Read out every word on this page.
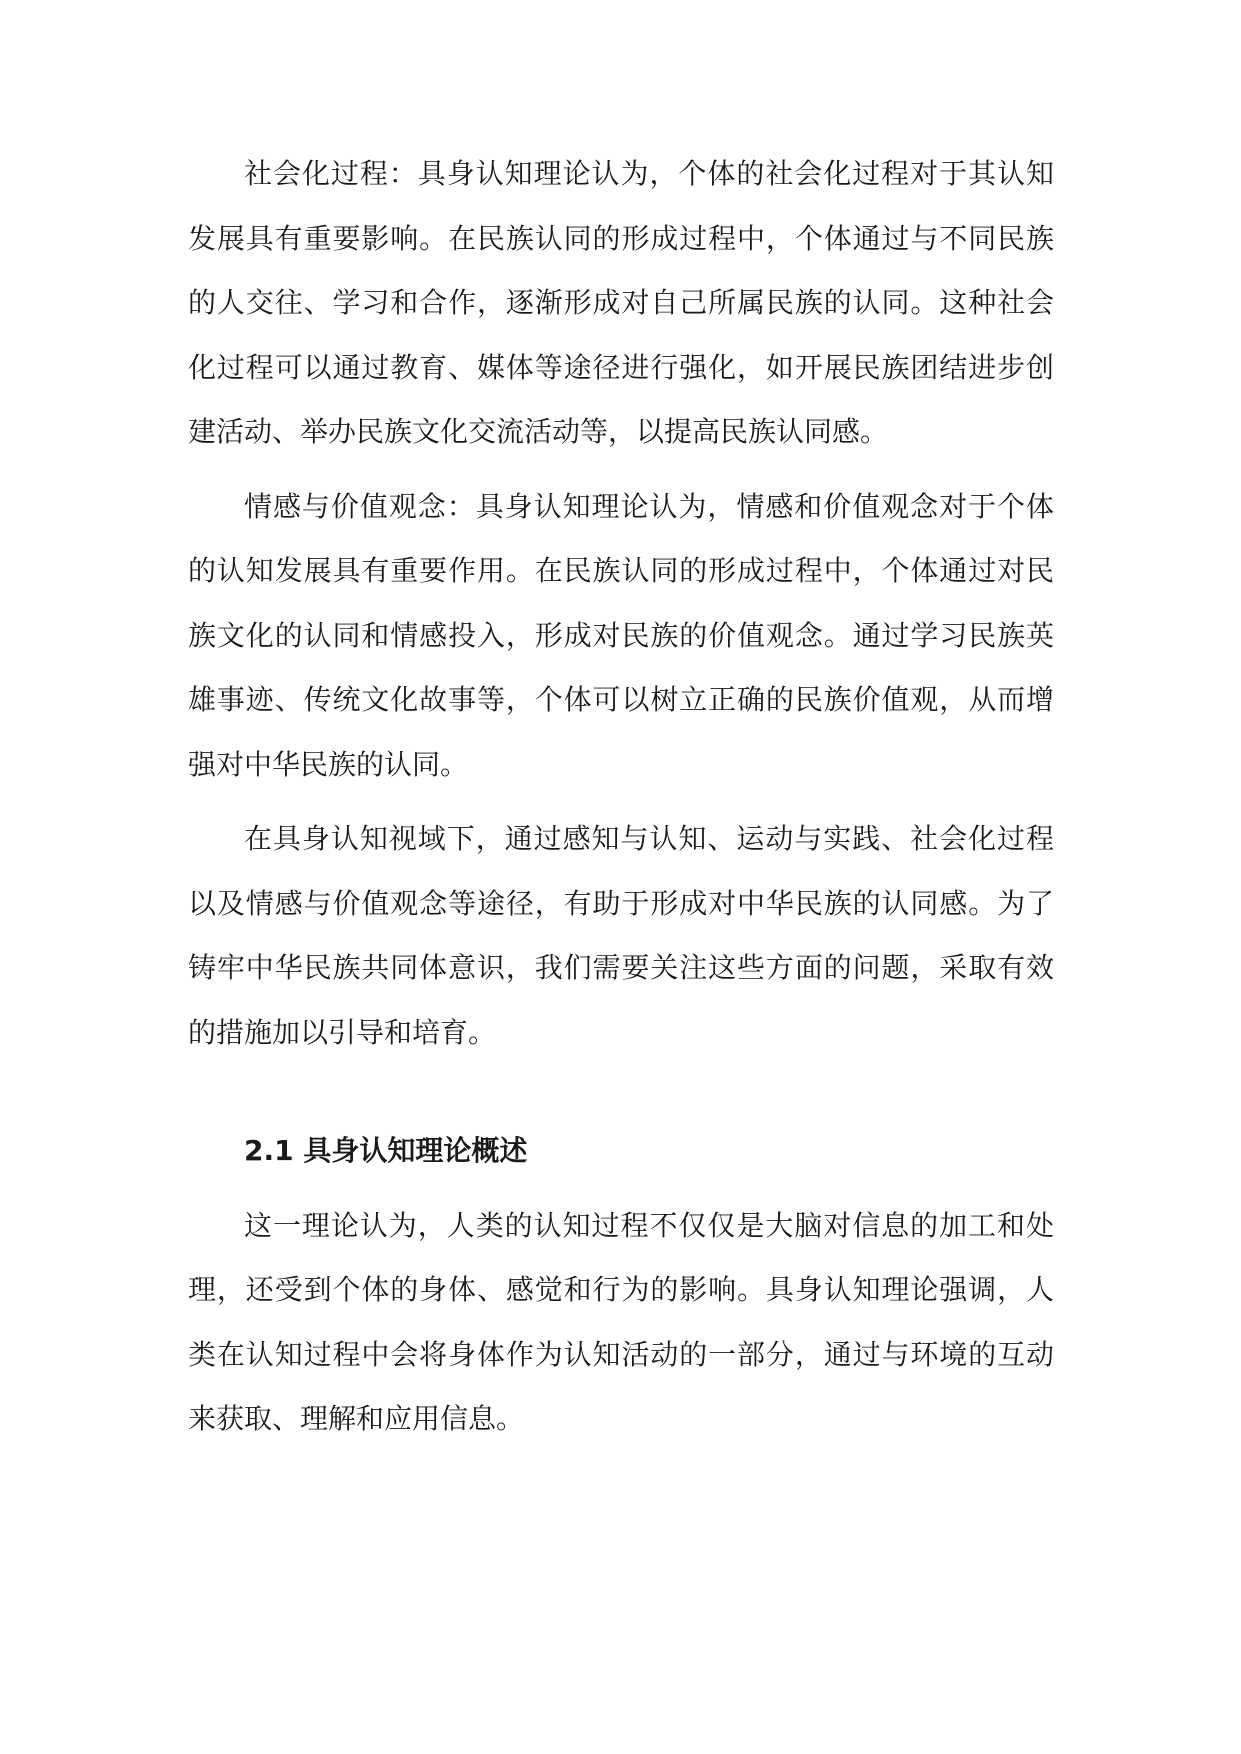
社会化过程：具身认知理论认为，个体的社会化过程对于其认知发展具有重要影响。在民族认同的形成过程中，个体通过与不同民族的人交往、学习和合作，逐渐形成对自己所属民族的认同。这种社会化过程可以通过教育、媒体等途径进行强化，如开展民族团结进步创建活动、举办民族文化交流活动等，以提高民族认同感。

情感与价值观念：具身认知理论认为，情感和价值观念对于个体的认知发展具有重要作用。在民族认同的形成过程中，个体通过对民族文化的认同和情感投入，形成对民族的价值观念。通过学习民族英雄事迹、传统文化故事等，个体可以树立正确的民族价值观，从而增强对中华民族的认同。

在具身认知视域下，通过感知与认知、运动与实践、社会化过程以及情感与价值观念等途径，有助于形成对中华民族的认同感。为了铸牢中华民族共同体意识，我们需要关注这些方面的问题，采取有效的措施加以引导和培育。

2.1 具身认知理论概述

这一理论认为，人类的认知过程不仅仅是大脑对信息的加工和处理，还受到个体的身体、感觉和行为的影响。具身认知理论强调，人类在认知过程中会将身体作为认知活动的一部分，通过与环境的互动来获取、理解和应用信息。
